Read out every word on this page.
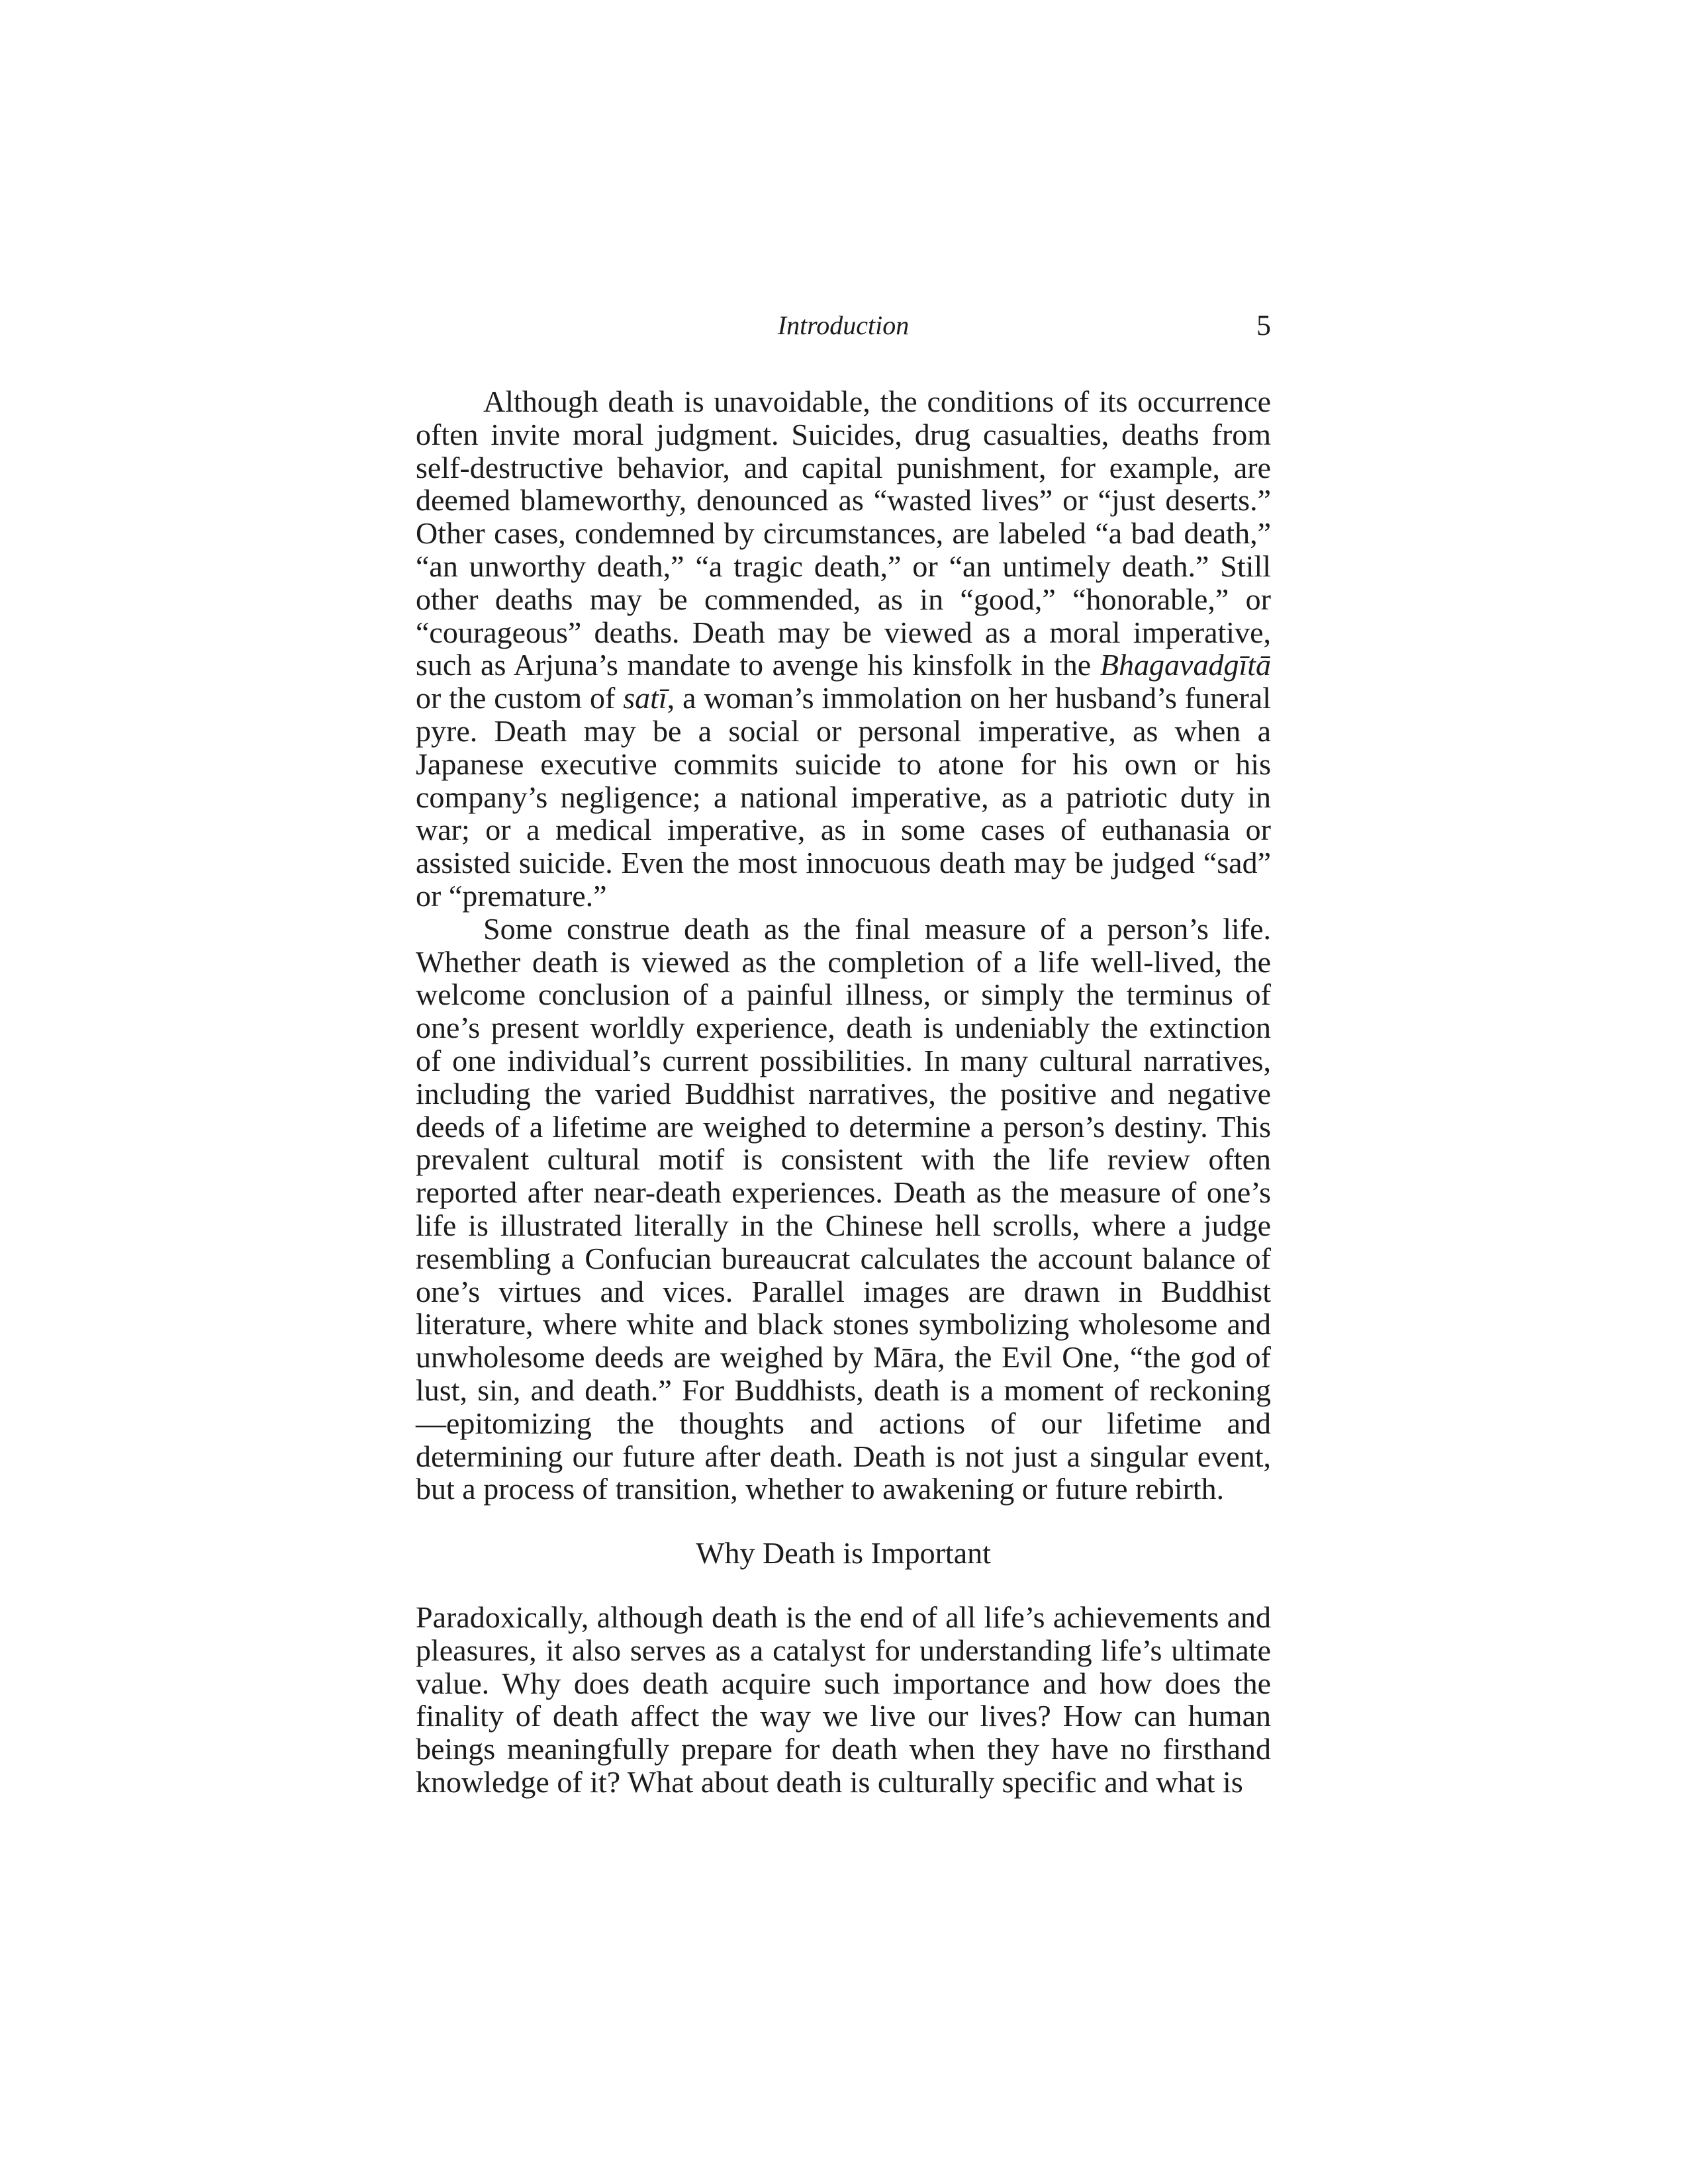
Introduction	5

Although death is unavoidable, the conditions of its occurrence often invite moral judgment. Suicides, drug casualties, deaths from self-destructive behavior, and capital punishment, for example, are deemed blameworthy, denounced as “wasted lives” or “just deserts.” Other cases, condemned by circumstances, are labeled “a bad death,” “an unworthy death,” “a tragic death,” or “an untimely death.” Still other deaths may be commended, as in “good,” “honorable,” or “courageous” deaths. Death may be viewed as a moral imperative, such as Arjuna’s mandate to avenge his kinsfolk in the Bhagavadgītā or the custom of satī, a woman’s immolation on her husband’s funeral pyre. Death may be a social or personal imperative, as when a Japanese executive commits suicide to atone for his own or his company’s negligence; a national imperative, as a patriotic duty in war; or a medical imperative, as in some cases of euthanasia or assisted suicide. Even the most innocuous death may be judged “sad” or “premature.”

Some construe death as the final measure of a person’s life. Whether death is viewed as the completion of a life well-lived, the welcome conclusion of a painful illness, or simply the terminus of one’s present worldly experience, death is undeniably the extinction of one individual’s current possibilities. In many cultural narratives, including the varied Buddhist narratives, the positive and negative deeds of a lifetime are weighed to determine a person’s destiny. This prevalent cultural motif is consistent with the life review often reported after near-death experiences. Death as the measure of one’s life is illustrated literally in the Chinese hell scrolls, where a judge resembling a Confucian bureaucrat calculates the account balance of one’s virtues and vices. Parallel images are drawn in Buddhist literature, where white and black stones symbolizing wholesome and unwholesome deeds are weighed by Māra, the Evil One, “the god of lust, sin, and death.” For Buddhists, death is a moment of reckoning—epitomizing the thoughts and actions of our lifetime and determining our future after death. Death is not just a singular event, but a process of transition, whether to awakening or future rebirth.

Why Death is Important

Paradoxically, although death is the end of all life’s achievements and pleasures, it also serves as a catalyst for understanding life’s ultimate value. Why does death acquire such importance and how does the finality of death affect the way we live our lives? How can human beings meaningfully prepare for death when they have no firsthand knowledge of it? What about death is culturally specific and what is
